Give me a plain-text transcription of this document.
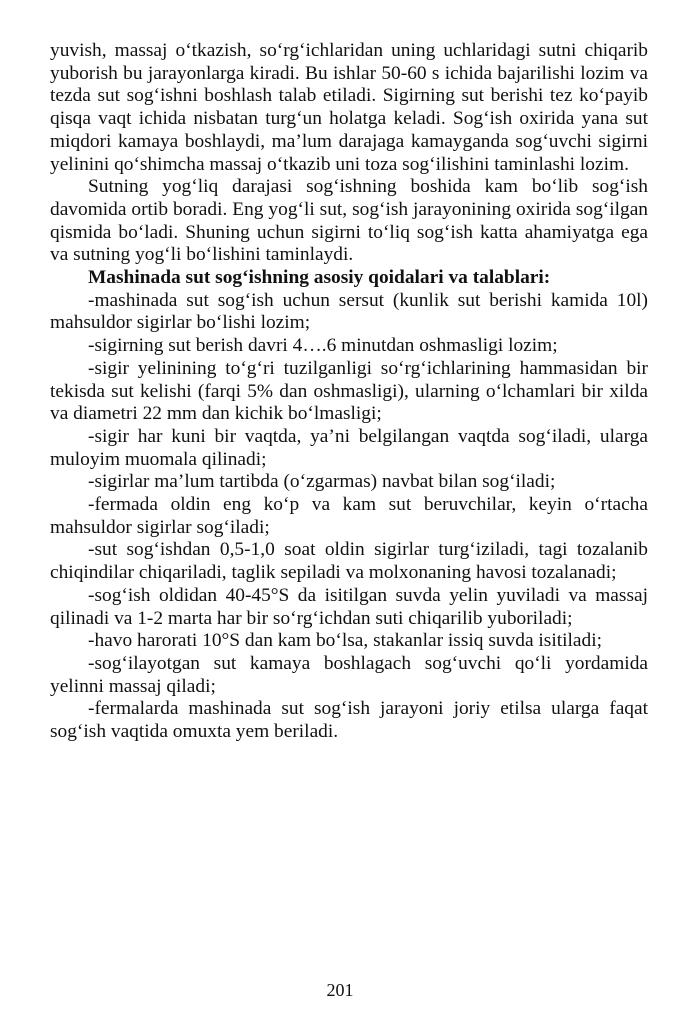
yuvish, massaj o‘tkazish, so‘rg‘ichlaridan uning uchlaridagi sutni chiqarib yuborish bu jarayonlarga kiradi. Bu ishlar 50-60 s ichida bajarilishi lozim va tezda sut sog‘ishni boshlash talab etiladi. Sigirning sut berishi tez ko‘payib qisqa vaqt ichida nisbatan turg‘un holatga keladi. Sog‘ish oxirida yana sut miqdori kamaya boshlaydi, ma’lum darajaga kamayganda sog‘uvchi sigirni yelinini qo‘shimcha massaj o‘tkazib uni toza sog‘ilishini taminlashi lozim.

Sutning yog‘liq darajasi sog‘ishning boshida kam bo‘lib sog‘ish davomida ortib boradi. Eng yog‘li sut, sog‘ish jarayonining oxirida sog‘ilgan qismida bo‘ladi. Shuning uchun sigirni to‘liq sog‘ish katta ahamiyatga ega va sutning yog‘li bo‘lishini taminlaydi.

Mashinada sut sog‘ishning asosiy qoidalari va talablari:

-mashinada sut sog‘ish uchun sersut (kunlik sut berishi kamida 10l) mahsuldor sigirlar bo‘lishi lozim;

-sigirning sut berish davri 4….6 minutdan oshmasligi lozim;

-sigir yelinining to‘g‘ri tuzilganligi so‘rg‘ichlarining hammasidan bir tekisda sut kelishi (farqi 5% dan oshmasligi), ularning o‘lchamlari bir xilda va diametri 22 mm dan kichik bo‘lmasligi;

-sigir har kuni bir vaqtda, ya’ni belgilangan vaqtda sog‘iladi, ularga muloyim muomala qilinadi;

-sigirlar ma’lum tartibda (o‘zgarmas) navbat bilan sog‘iladi;

-fermada oldin eng ko‘p va kam sut beruvchilar, keyin o‘rtacha mahsuldor sigirlar sog‘iladi;

-sut sog‘ishdan 0,5-1,0 soat oldin sigirlar turg‘iziladi, tagi tozalanib chiqindilar chiqariladi, taglik sepiladi va molxonaning havosi tozalanadi;

-sog‘ish oldidan 40-45°S da isitilgan suvda yelin yuviladi va massaj qilinadi va 1-2 marta har bir so‘rg‘ichdan suti chiqarilib yuboriladi;

-havo harorati 10°S dan kam bo‘lsa, stakanlar issiq suvda isitiladi;

-sog‘ilayotgan sut kamaya boshlagach sog‘uvchi qo‘li yordamida yelinni massaj qiladi;

-fermalarda mashinada sut sog‘ish jarayoni joriy etilsa ularga faqat sog‘ish vaqtida omuxta yem beriladi.

201
